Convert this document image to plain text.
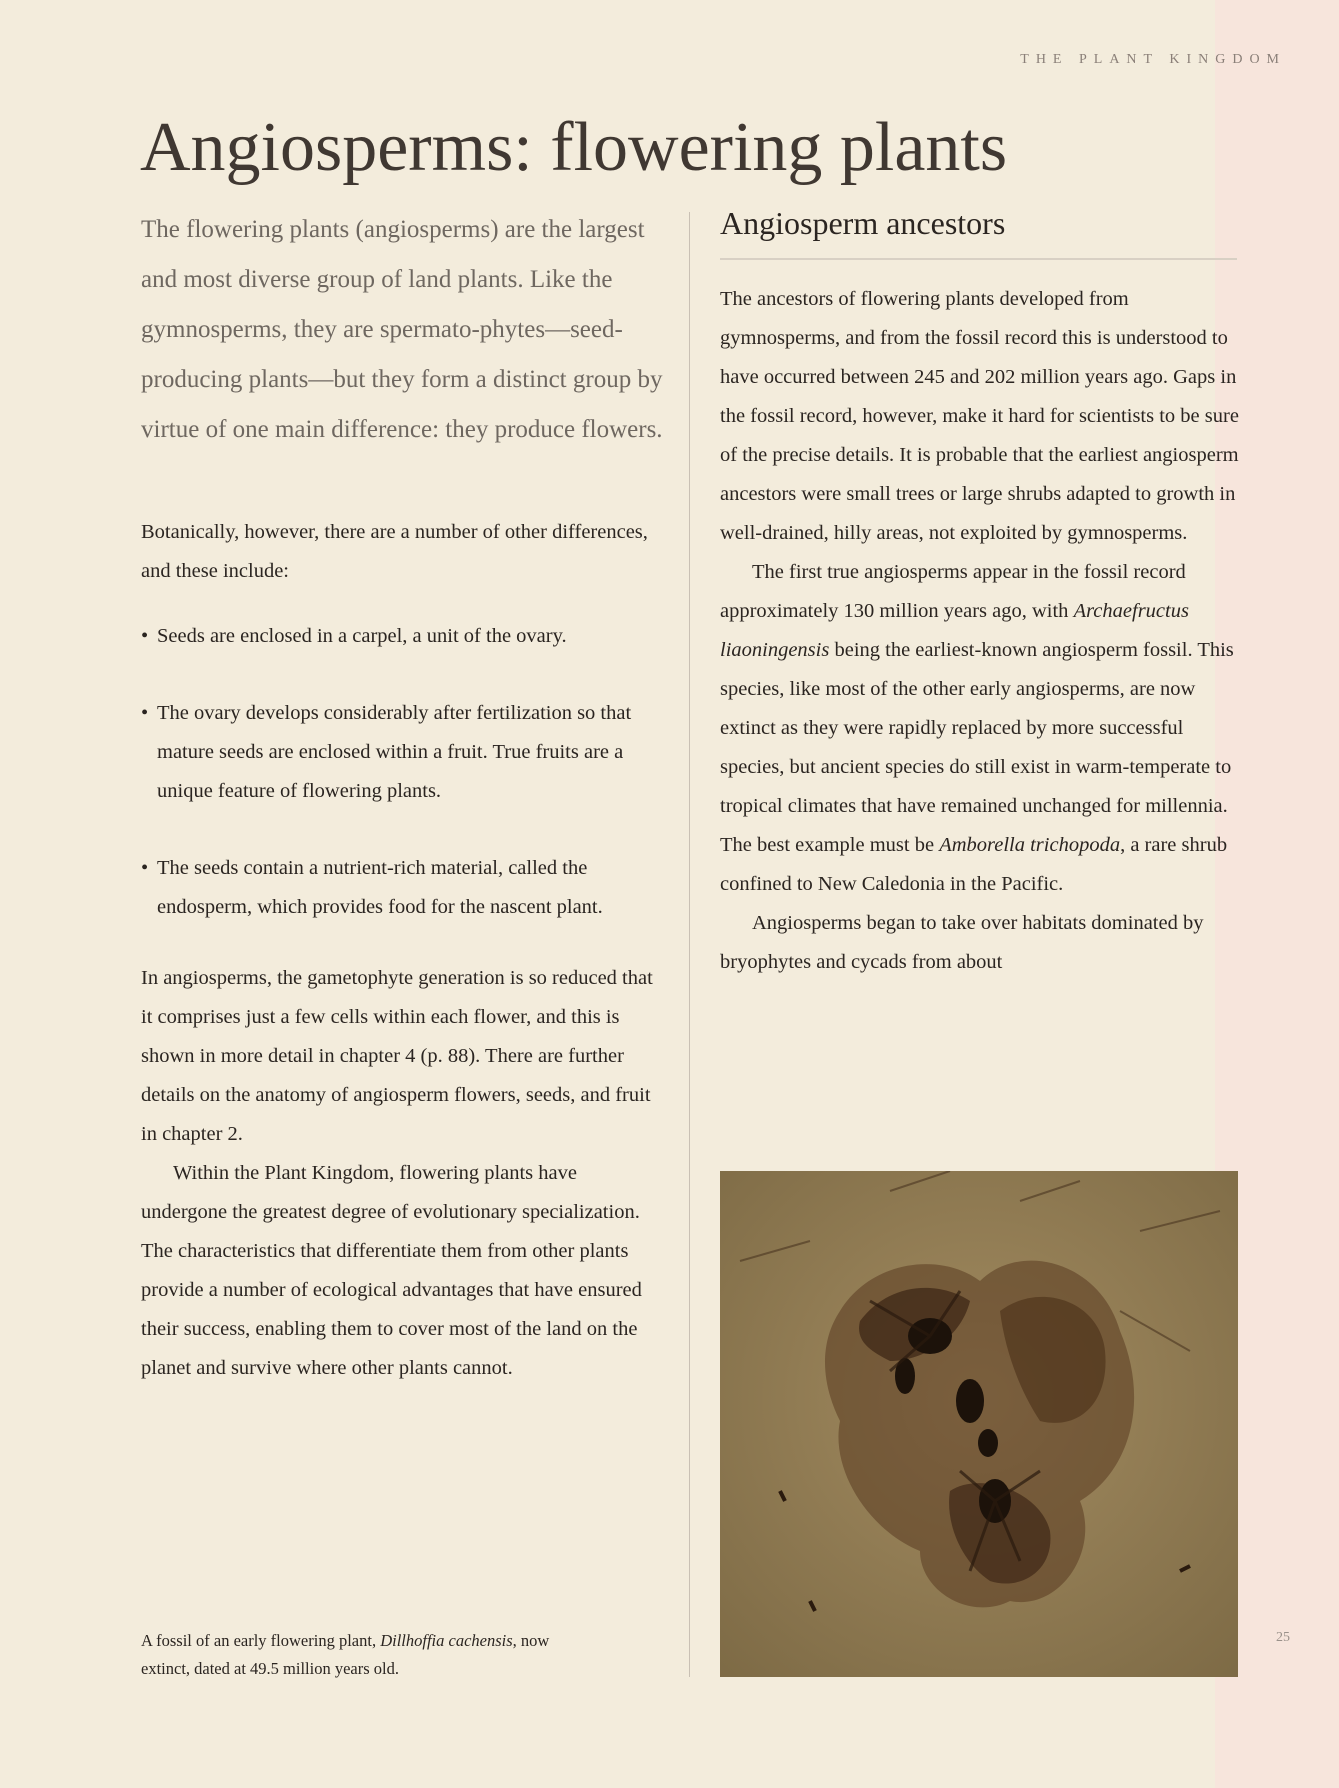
THE PLANT KINGDOM
Angiosperms: flowering plants

The flowering plants (angiosperms) are the largest and most diverse group of land plants. Like the gymnosperms, they are spermato-phytes—seed-producing plants—but they form a distinct group by virtue of one main difference: they produce flowers.

Botanically, however, there are a number of other differences, and these include:

• Seeds are enclosed in a carpel, a unit of the ovary.
• The ovary develops considerably after fertilization so that mature seeds are enclosed within a fruit. True fruits are a unique feature of flowering plants.
• The seeds contain a nutrient-rich material, called the endosperm, which provides food for the nascent plant.

In angiosperms, the gametophyte generation is so reduced that it comprises just a few cells within each flower, and this is shown in more detail in chapter 4 (p. 88). There are further details on the anatomy of angiosperm flowers, seeds, and fruit in chapter 2.

Within the Plant Kingdom, flowering plants have undergone the greatest degree of evolutionary specialization. The characteristics that differentiate them from other plants provide a number of ecological advantages that have ensured their success, enabling them to cover most of the land on the planet and survive where other plants cannot.

A fossil of an early flowering plant, Dillhoffia cachensis, now extinct, dated at 49.5 million years old.

Angiosperm ancestors

The ancestors of flowering plants developed from gymnosperms, and from the fossil record this is understood to have occurred between 245 and 202 million years ago. Gaps in the fossil record, however, make it hard for scientists to be sure of the precise details. It is probable that the earliest angiosperm ancestors were small trees or large shrubs adapted to growth in well-drained, hilly areas, not exploited by gymnosperms.

The first true angiosperms appear in the fossil record approximately 130 million years ago, with Archaefructus liaoningensis being the earliest-known angiosperm fossil. This species, like most of the other early angiosperms, are now extinct as they were rapidly replaced by more successful species, but ancient species do still exist in warm-temperate to tropical climates that have remained unchanged for millennia. The best example must be Amborella trichopoda, a rare shrub confined to New Caledonia in the Pacific.

Angiosperms began to take over habitats dominated by bryophytes and cycads from about

25
